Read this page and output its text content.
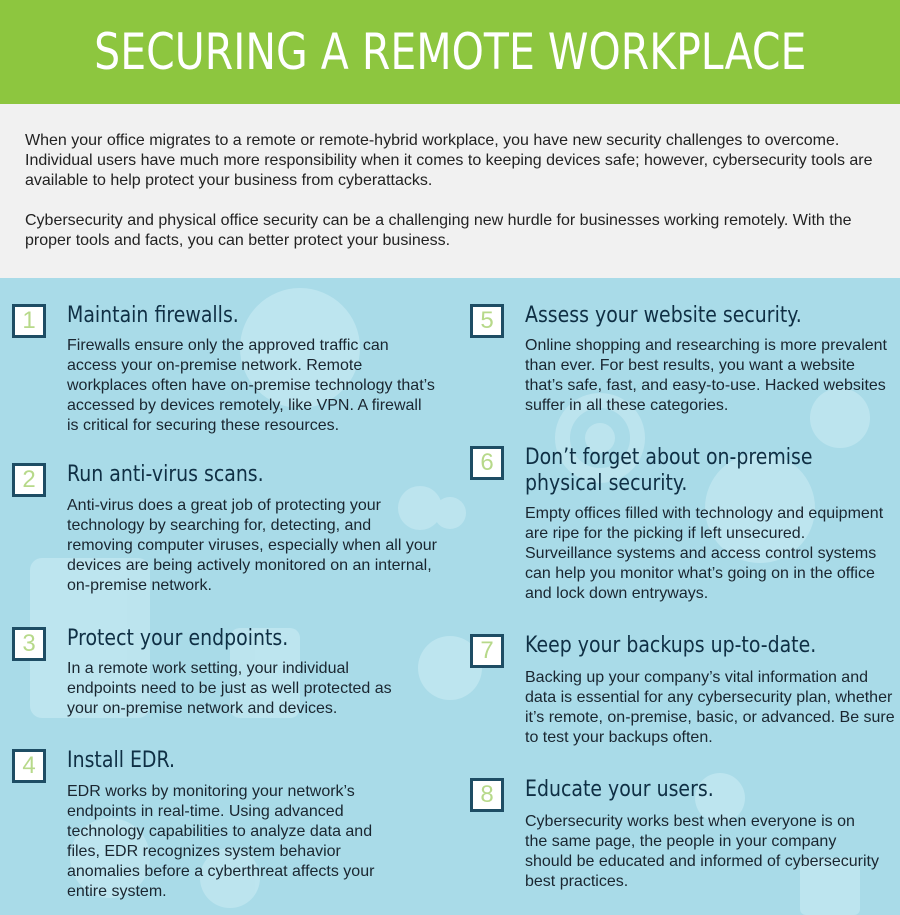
SECURING A REMOTE WORKPLACE

When your office migrates to a remote or remote-hybrid workplace, you have new security challenges to overcome. Individual users have much more responsibility when it comes to keeping devices safe; however, cybersecurity tools are available to help protect your business from cyberattacks.

Cybersecurity and physical office security can be a challenging new hurdle for businesses working remotely. With the proper tools and facts, you can better protect your business.

1	Maintain firewalls.

Firewalls ensure only the approved traffic can access your on-premise network. Remote workplaces often have on-premise technology that’s accessed by devices remotely, like VPN. A firewall is critical for securing these resources.

2	Run anti-virus scans.

Anti-virus does a great job of protecting your technology by searching for, detecting, and removing computer viruses, especially when all your devices are being actively monitored on an internal, on-premise network.

3	Protect your endpoints.

In a remote work setting, your individual endpoints need to be just as well protected as your on-premise network and devices.

4	Install EDR.

EDR works by monitoring your network’s endpoints in real-time. Using advanced technology capabilities to analyze data and files, EDR recognizes system behavior anomalies before a cyberthreat affects your entire system.

5	Assess your website security.

Online shopping and researching is more prevalent than ever. For best results, you want a website that’s safe, fast, and easy-to-use. Hacked websites suffer in all these categories.

6	Don’t forget about on-premise physical security.

Empty offices filled with technology and equipment are ripe for the picking if left unsecured. Surveillance systems and access control systems can help you monitor what’s going on in the office and lock down entryways.

7	Keep your backups up-to-date.

Backing up your company’s vital information and data is essential for any cybersecurity plan, whether it’s remote, on-premise, basic, or advanced. Be sure to test your backups often.

8	Educate your users.

Cybersecurity works best when everyone is on the same page, the people in your company should be educated and informed of cybersecurity best practices.
